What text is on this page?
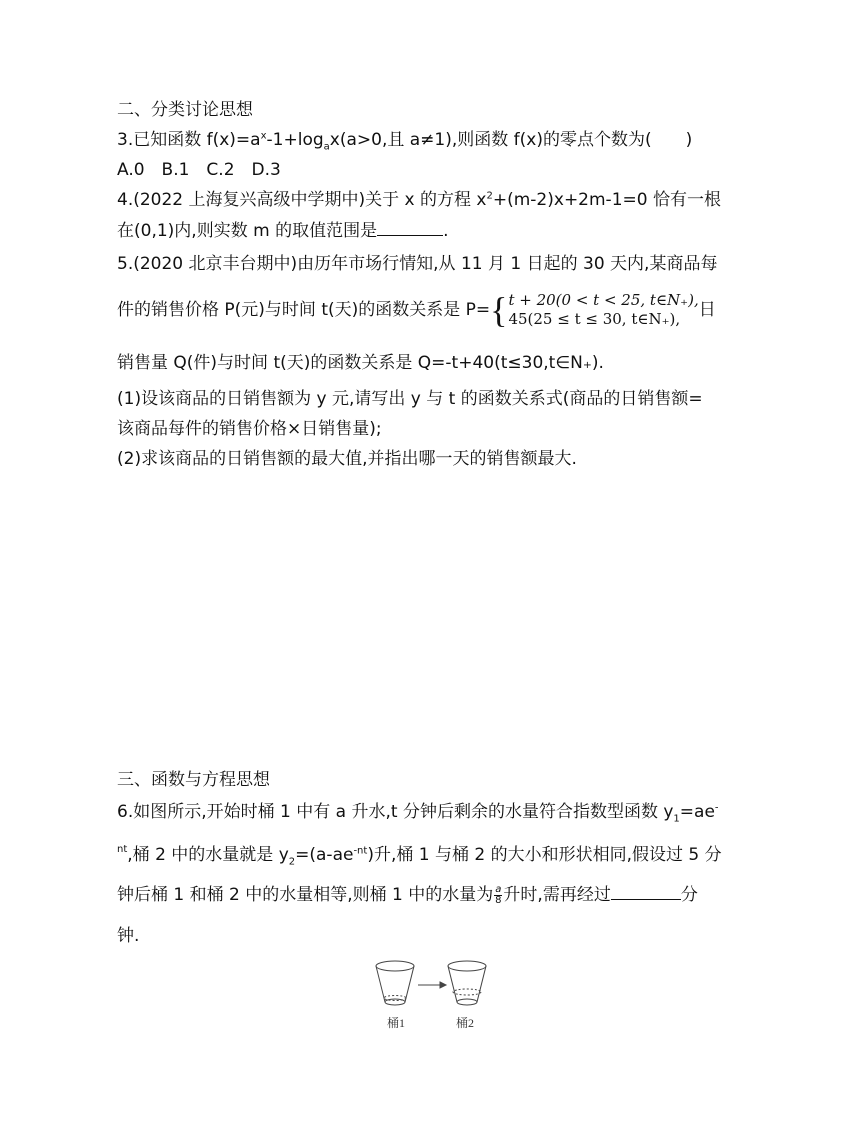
二、分类讨论思想
3.已知函数 $f(x)=a^x-1+\log_ax(a>0$,且 a≠1),则函数 f(x)的零点个数为(　　)
A.0　B.1　C.2　D.3
4.(2022 上海复兴高级中学期中)关于 x 的方程 $x^2+(m-2)x+2m-1=0$ 恰有一根
在(0,1)内,则实数 m 的取值范围是	.
5.(2020 北京丰台期中)由历年市场行情知,从 11 月 1 日起的 30 天内,某商品每
件的销售价格 P(元)与时间 t(天)的函数关系是 P={ t + 20(0 < t < 25, t∈N₊),
45(25 ≤ t ≤ 30, t∈N₊),	日
销售量 Q(件)与时间 t(天)的函数关系是 Q=-t+40(t≤30,t∈N₊).
(1)设该商品的日销售额为 y 元,请写出 y 与 t 的函数关系式(商品的日销售额=
该商品每件的销售价格×日销售量);
(2)求该商品的日销售额的最大值,并指出哪一天的销售额最大.
三、函数与方程思想
6.如图所示,开始时桶 1 中有 a 升水,t 分钟后剩余的水量符合指数型函数 $y_1=ae^-$
$^{nt}$,桶 2 中的水量就是 $y_2=(a-ae^{-nt})$升,桶 1 与桶 2 的大小和形状相同,假设过 5 分
钟后桶 1 和桶 2 中的水量相等,则桶 1 中的水量为 $\frac{a}{8}$ 升时,需再经过	分
钟.
桶1	桶2
